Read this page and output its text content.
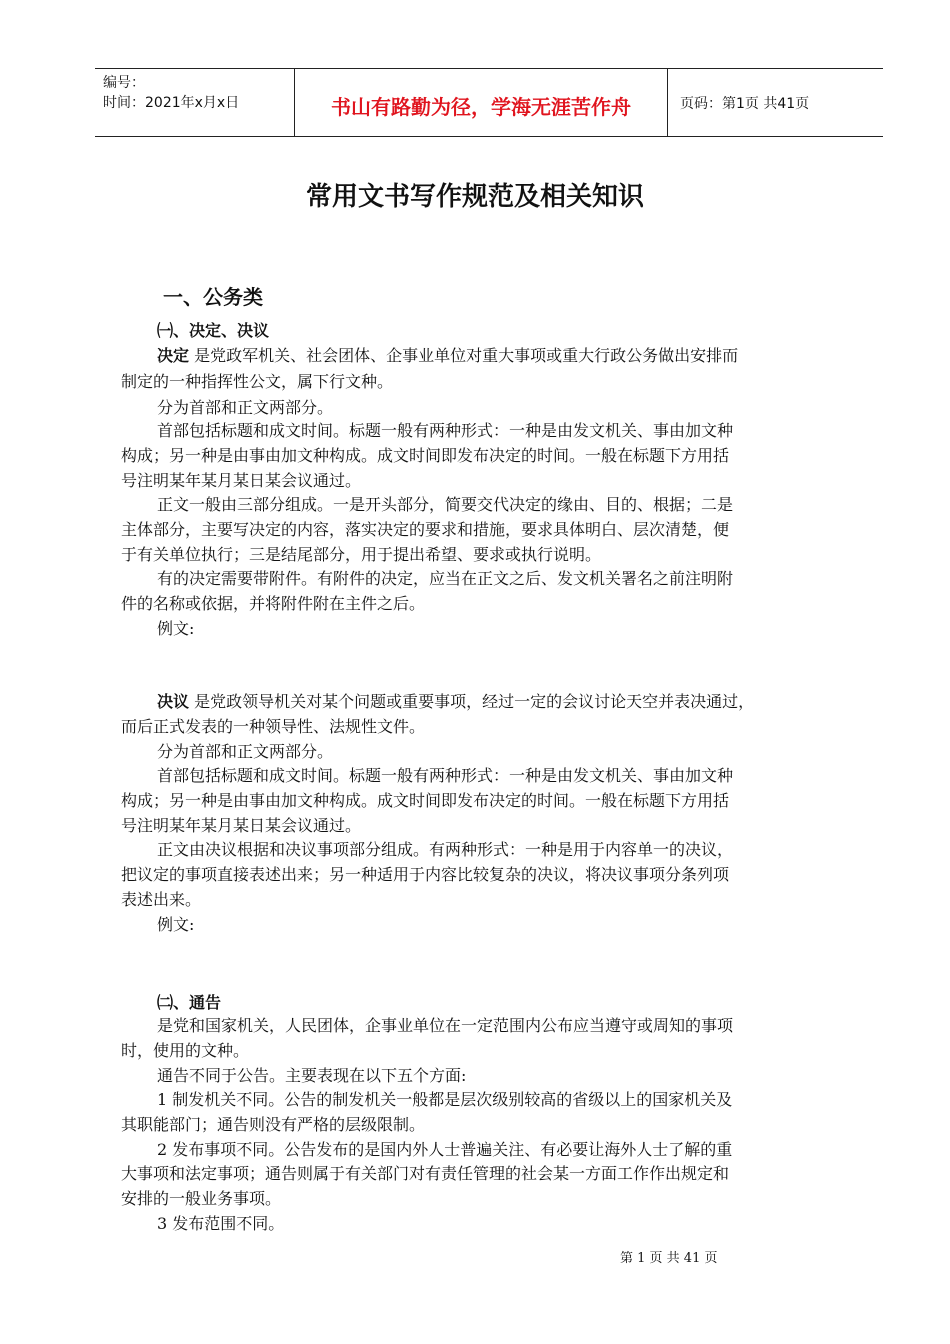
编号：
时间：2021年x月x日	书山有路勤为径，学海无涯苦作舟	页码：第1页 共41页
常用文书写作规范及相关知识
一、公务类
㈠、决定、决议
决定 是党政军机关、社会团体、企事业单位对重大事项或重大行政公务做出安排而
制定的一种指挥性公文，属下行文种。
分为首部和正文两部分。
首部包括标题和成文时间。标题一般有两种形式：一种是由发文机关、事由加文种
构成；另一种是由事由加文种构成。成文时间即发布决定的时间。一般在标题下方用括
号注明某年某月某日某会议通过。
正文一般由三部分组成。一是开头部分，简要交代决定的缘由、目的、根据；二是
主体部分，主要写决定的内容，落实决定的要求和措施，要求具体明白、层次清楚，便
于有关单位执行；三是结尾部分，用于提出希望、要求或执行说明。
有的决定需要带附件。有附件的决定，应当在正文之后、发文机关署名之前注明附
件的名称或依据，并将附件附在主件之后。
例文:
决议 是党政领导机关对某个问题或重要事项，经过一定的会议讨论天空并表决通过，
而后正式发表的一种领导性、法规性文件。
分为首部和正文两部分。
首部包括标题和成文时间。标题一般有两种形式：一种是由发文机关、事由加文种
构成；另一种是由事由加文种构成。成文时间即发布决定的时间。一般在标题下方用括
号注明某年某月某日某会议通过。
正文由决议根据和决议事项部分组成。有两种形式：一种是用于内容单一的决议，
把议定的事项直接表述出来；另一种适用于内容比较复杂的决议，将决议事项分条列项
表述出来。
例文:
㈡、通告
是党和国家机关，人民团体，企事业单位在一定范围内公布应当遵守或周知的事项
时，使用的文种。
通告不同于公告。主要表现在以下五个方面:
1 制发机关不同。公告的制发机关一般都是层次级别较高的省级以上的国家机关及
其职能部门；通告则没有严格的层级限制。
2 发布事项不同。公告发布的是国内外人士普遍关注、有必要让海外人士了解的重
大事项和法定事项；通告则属于有关部门对有责任管理的社会某一方面工作作出规定和
安排的一般业务事项。
3 发布范围不同。
第 1 页 共 41 页
